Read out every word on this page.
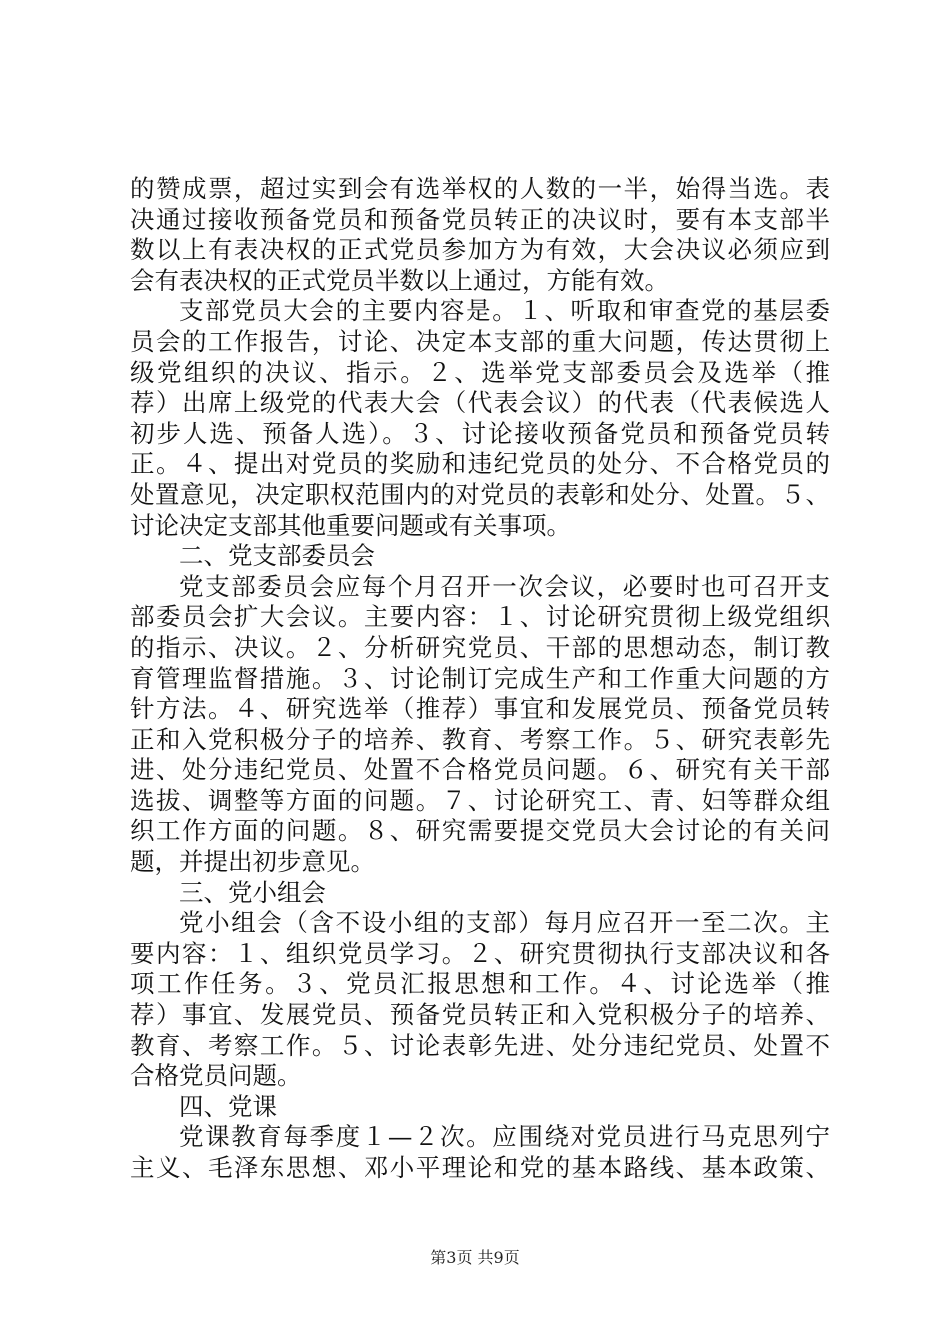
的赞成票，超过实到会有选举权的人数的一半，始得当选。表
决通过接收预备党员和预备党员转正的决议时，要有本支部半
数以上有表决权的正式党员参加方为有效，大会决议必须应到
会有表决权的正式党员半数以上通过，方能有效。
支部党员大会的主要内容是。１、听取和审查党的基层委
员会的工作报告，讨论、决定本支部的重大问题，传达贯彻上
级党组织的决议、指示。２、选举党支部委员会及选举（推
荐）出席上级党的代表大会（代表会议）的代表（代表候选人
初步人选、预备人选）。３、讨论接收预备党员和预备党员转
正。４、提出对党员的奖励和违纪党员的处分、不合格党员的
处置意见，决定职权范围内的对党员的表彰和处分、处置。５、
讨论决定支部其他重要问题或有关事项。
二、党支部委员会
党支部委员会应每个月召开一次会议，必要时也可召开支
部委员会扩大会议。主要内容：１、讨论研究贯彻上级党组织
的指示、决议。２、分析研究党员、干部的思想动态，制订教
育管理监督措施。３、讨论制订完成生产和工作重大问题的方
针方法。４、研究选举（推荐）事宜和发展党员、预备党员转
正和入党积极分子的培养、教育、考察工作。５、研究表彰先
进、处分违纪党员、处置不合格党员问题。６、研究有关干部
选拔、调整等方面的问题。７、讨论研究工、青、妇等群众组
织工作方面的问题。８、研究需要提交党员大会讨论的有关问
题，并提出初步意见。
三、党小组会
党小组会（含不设小组的支部）每月应召开一至二次。主
要内容：１、组织党员学习。２、研究贯彻执行支部决议和各
项工作任务。３、党员汇报思想和工作。４、讨论选举（推
荐）事宜、发展党员、预备党员转正和入党积极分子的培养、
教育、考察工作。５、讨论表彰先进、处分违纪党员、处置不
合格党员问题。
四、党课
党课教育每季度１—２次。应围绕对党员进行马克思列宁
主义、毛泽东思想、邓小平理论和党的基本路线、基本政策、
第3页 共9页
